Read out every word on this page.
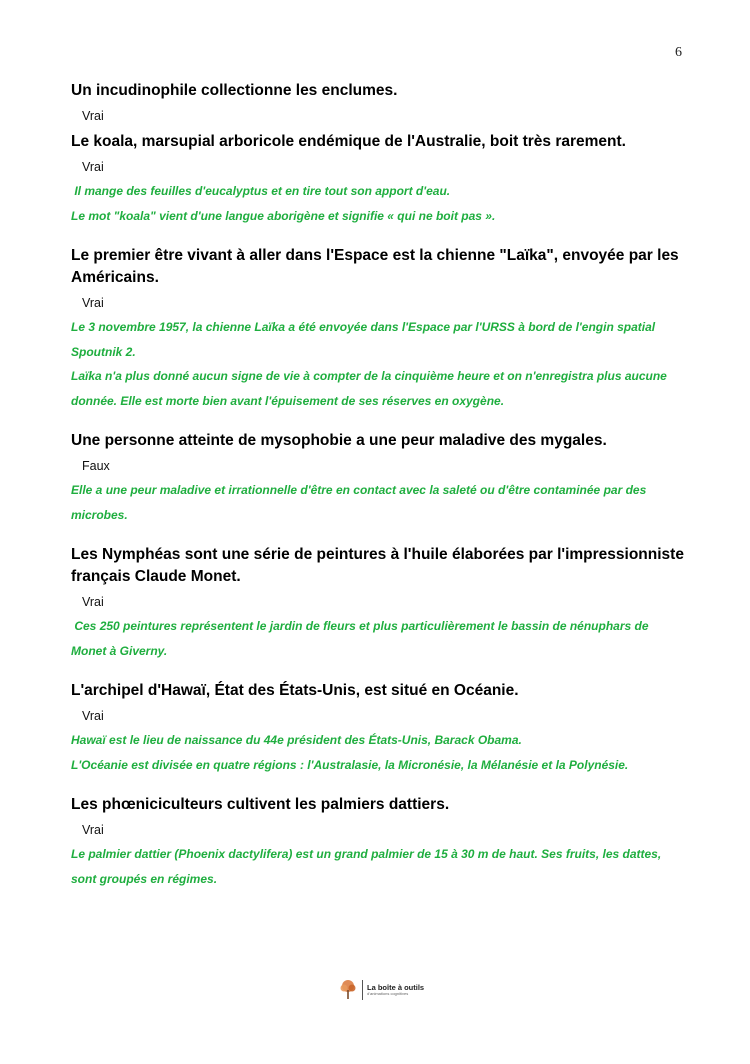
6

Un incudinophile collectionne les enclumes.

Vrai

Le koala, marsupial arboricole endémique de l'Australie, boit très rarement.

Vrai

Il mange des feuilles d'eucalyptus et en tire tout son apport d'eau.

Le mot "koala" vient d'une langue aborigène et signifie « qui ne boit pas ».

Le premier être vivant à aller dans l'Espace est la chienne "Laïka", envoyée par les Américains.

Vrai

Le 3 novembre 1957, la chienne Laïka a été envoyée dans l'Espace par l'URSS à bord de l'engin spatial Spoutnik 2.

Laïka n'a plus donné aucun signe de vie à compter de la cinquième heure et on n'enregistra plus aucune donnée. Elle est morte bien avant l'épuisement de ses réserves en oxygène.

Une personne atteinte de mysophobie a une peur maladive des mygales.

Faux

Elle a une peur maladive et irrationnelle d'être en contact avec la saleté ou d'être contaminée par des microbes.

Les Nymphéas sont une série de peintures à l'huile élaborées par l'impressionniste français Claude Monet.

Vrai

Ces 250 peintures représentent le jardin de fleurs et plus particulièrement le bassin de nénuphars de Monet à Giverny.

L'archipel d'Hawaï, État des États-Unis, est situé en Océanie.

Vrai

Hawaï est le lieu de naissance du 44e président des États-Unis, Barack Obama.

L'Océanie est divisée en quatre régions : l'Australasie, la Micronésie, la Mélanésie et la Polynésie.

Les phœniciculteurs cultivent les palmiers dattiers.

Vrai

Le palmier dattier (Phoenix dactylifera) est un grand palmier de 15 à 30 m de haut. Ses fruits, les dattes, sont groupés en régimes.

La boîte à outils
d'animations cognitives
